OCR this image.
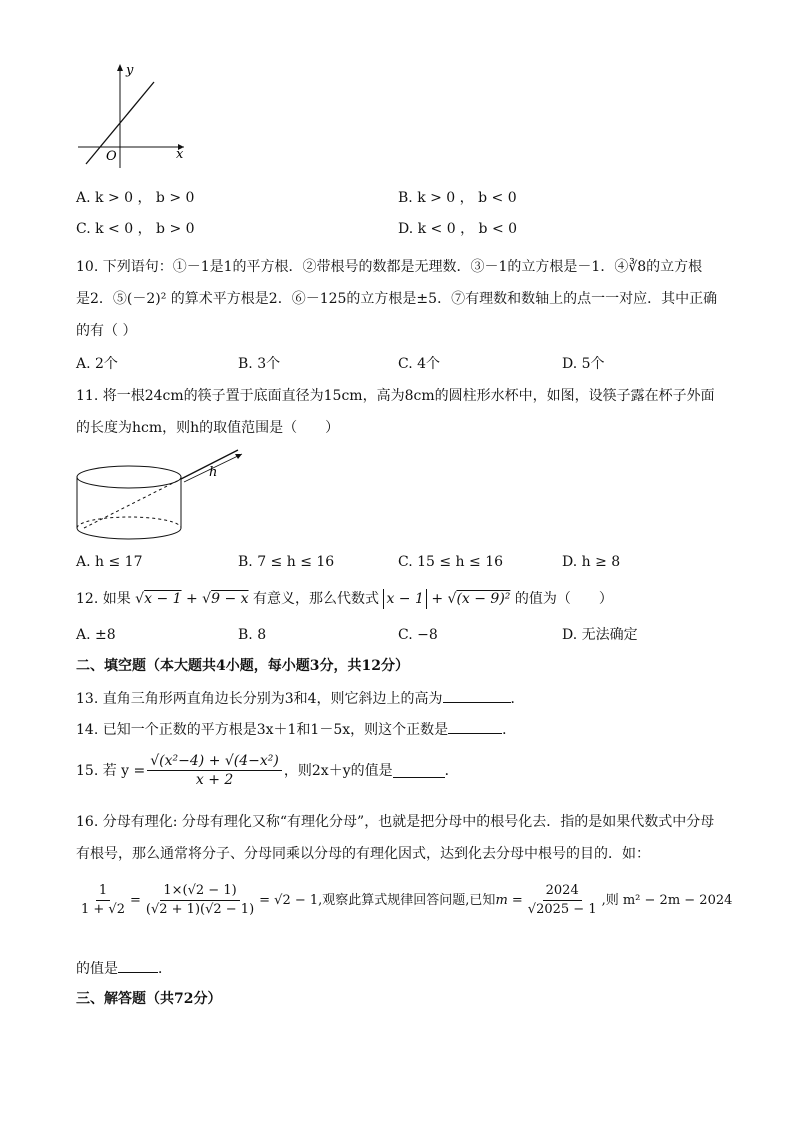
x
y
O
A. k > 0 ， b > 0	B. k > 0 ， b < 0
C. k < 0 ， b > 0	D. k < 0 ， b < 0
10. 下列语句：①－1是1的平方根．②带根号的数都是无理数．③－1的立方根是－1．④∛8的立方根
是2．⑤(－2)² 的算术平方根是2．⑥－125的立方根是±5．⑦有理数和数轴上的点一一对应．其中正确
的有（ ）
A. 2个	B. 3个	C. 4个	D. 5个
11. 将一根24cm的筷子置于底面直径为15cm，高为8cm的圆柱形水杯中，如图，设筷子露在杯子外面
的长度为hcm，则h的取值范围是（　　）
h
A. h ≤ 17	B. 7 ≤ h ≤ 16	C. 15 ≤ h ≤ 16	D. h ≥ 8
12. 如果 √x − 1 + √9 − x 有意义，那么代数式 x − 1 + √(x − 9)² 的值为（　　）
A. ±8	B. 8	C. −8	D. 无法确定
二、填空题（本大题共4小题，每小题3分，共12分）
13. 直角三角形两直角边长分别为3和4，则它斜边上的高为	．
14. 已知一个正数的平方根是3x＋1和1－5x，则这个正数是	．
15. 若 $y = \frac{\text{√(x²−4) + √(4−x²)}}{x + 2}$ ，则2x＋y的值是	．
16. 分母有理化: 分母有理化又称“有理化分母”，也就是把分母中的根号化去．指的是如果代数式中分母
有根号，那么通常将分子、分母同乘以分母的有理化因式，达到化去分母中根号的目的．如：
$\frac{1}{1 + √2} = \frac{1\times(√2 - 1)}{(√2 + 1)(√2 - 1)} = √2 - 1$ ,观察此算式规律回答问题,已知 $m = \frac{2024}{√2025 - 1}$ ,则 m² − 2m − 2024
的值是	．
三、解答题（共72分）
